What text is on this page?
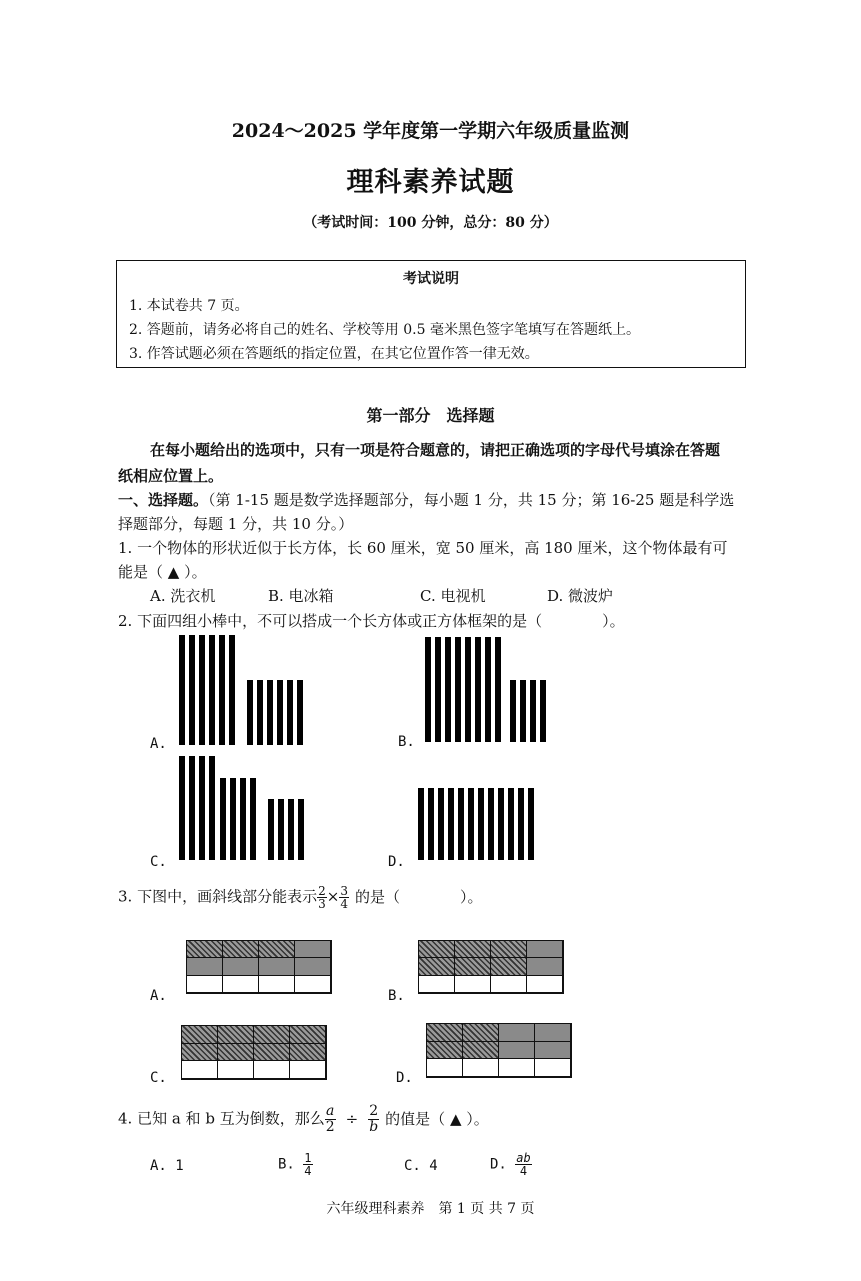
2024～2025 学年度第一学期六年级质量监测
理科素养试题
（考试时间：100 分钟，总分：80 分）
考试说明
1. 本试卷共 7 页。
2. 答题前，请务必将自己的姓名、学校等用 0.5 毫米黑色签字笔填写在答题纸上。
3. 作答试题必须在答题纸的指定位置，在其它位置作答一律无效。
第一部分　选择题
在每小题给出的选项中，只有一项是符合题意的，请把正确选项的字母代号填涂在答题
纸相应位置上。
一、选择题。（第 1-15 题是数学选择题部分，每小题 1 分，共 15 分；第 16-25 题是科学选
择题部分，每题 1 分，共 10 分。）
1. 一个物体的形状近似于长方体，长 60 厘米，宽 50 厘米，高 180 厘米，这个物体最有可
能是（ ▲ ）。
A. 洗衣机	B. 电冰箱	C. 电视机	D. 微波炉
2. 下面四组小棒中，不可以搭成一个长方体或正方体框架的是（　　　　）。
A.	B.
C.	D.
3. 下图中，画斜线部分能表示 $\frac{2}{3} \times \frac{3}{4}$ 的是（　　　　）。
A.	B.
C.	D.
4. 已知 a 和 b 互为倒数，那么 $\frac{a}{2} \div \frac{2}{b}$ 的值是（ ▲ ）。
A. 1	B. $\frac{1}{4}$	C. 4	D. $\frac{ab}{4}$
六年级理科素养　第 1 页 共 7 页
